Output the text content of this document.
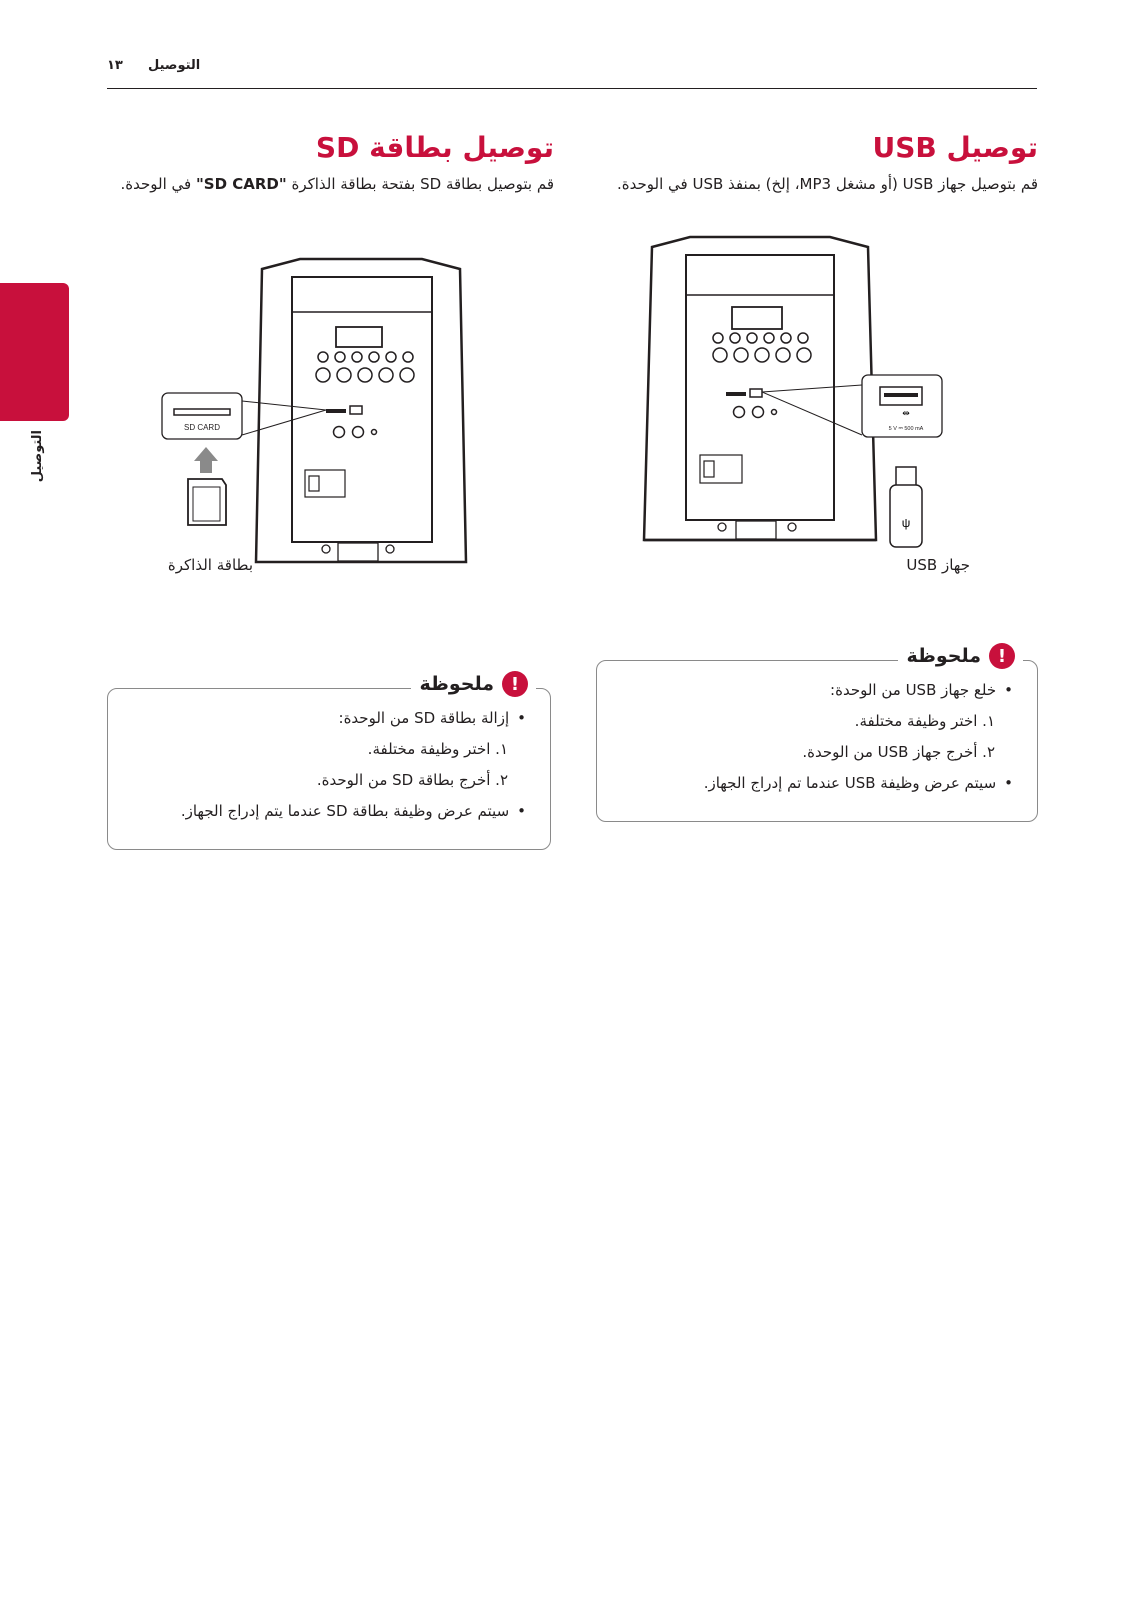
١٣ التوصيل
التوصيل
توصيل USB
قم بتوصيل جهاز USB (أو مشغل MP3، إلخ) بمنفذ USB في الوحدة.
⇹
5 V ⎓ 500 mA
ψ
جهاز USB
توصيل بطاقة SD
قم بتوصيل بطاقة SD بفتحة بطاقة الذاكرة "SD CARD" في الوحدة.
SD CARD
بطاقة الذاكرة
!
ملحوظة
• خلع جهاز USB من الوحدة:
١. اختر وظيفة مختلفة.
٢. أخرج جهاز USB من الوحدة.
• سيتم عرض وظيفة USB عندما تم إدراج الجهاز.
!
ملحوظة
• إزالة بطاقة SD من الوحدة:
١. اختر وظيفة مختلفة.
٢. أخرج بطاقة SD من الوحدة.
• سيتم عرض وظيفة بطاقة SD عندما يتم إدراج الجهاز.
